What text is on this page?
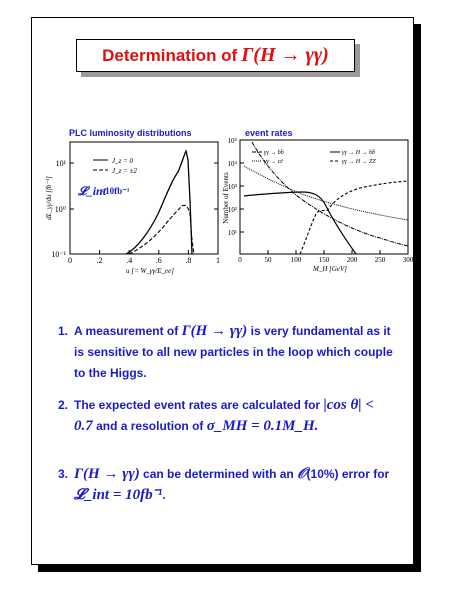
Determination of Γ(H → γγ)
PLC luminosity distributions	event rates
10¹
10⁰
10⁻¹
0	.2	.4	.6	.8	1
u [= W_γγ/E_ee]
dL_γγ/du [fb⁻¹]
J_z = 0
J_z = ±2
𝓛_int
=10fb⁻¹
10⁵
10⁴
10³
10²
10¹
0	50	100	150	200	250	300
M_H [GeV]
Number of Events
γγ → bb̄
γγ → cc̄
γγ → H → bb̄
γγ → H → ZZ
1. A measurement of Γ(H → γγ) is very fundamental as it is sensitive to all new particles in the loop which couple to the Higgs.
2. The expected event rates are calculated for |cos θ| < 0.7 and a resolution of σ_MH = 0.1M_H.
3. Γ(H → γγ) can be determined with an 𝒪(10%) error for 𝓛_int = 10fb⁻¹.
